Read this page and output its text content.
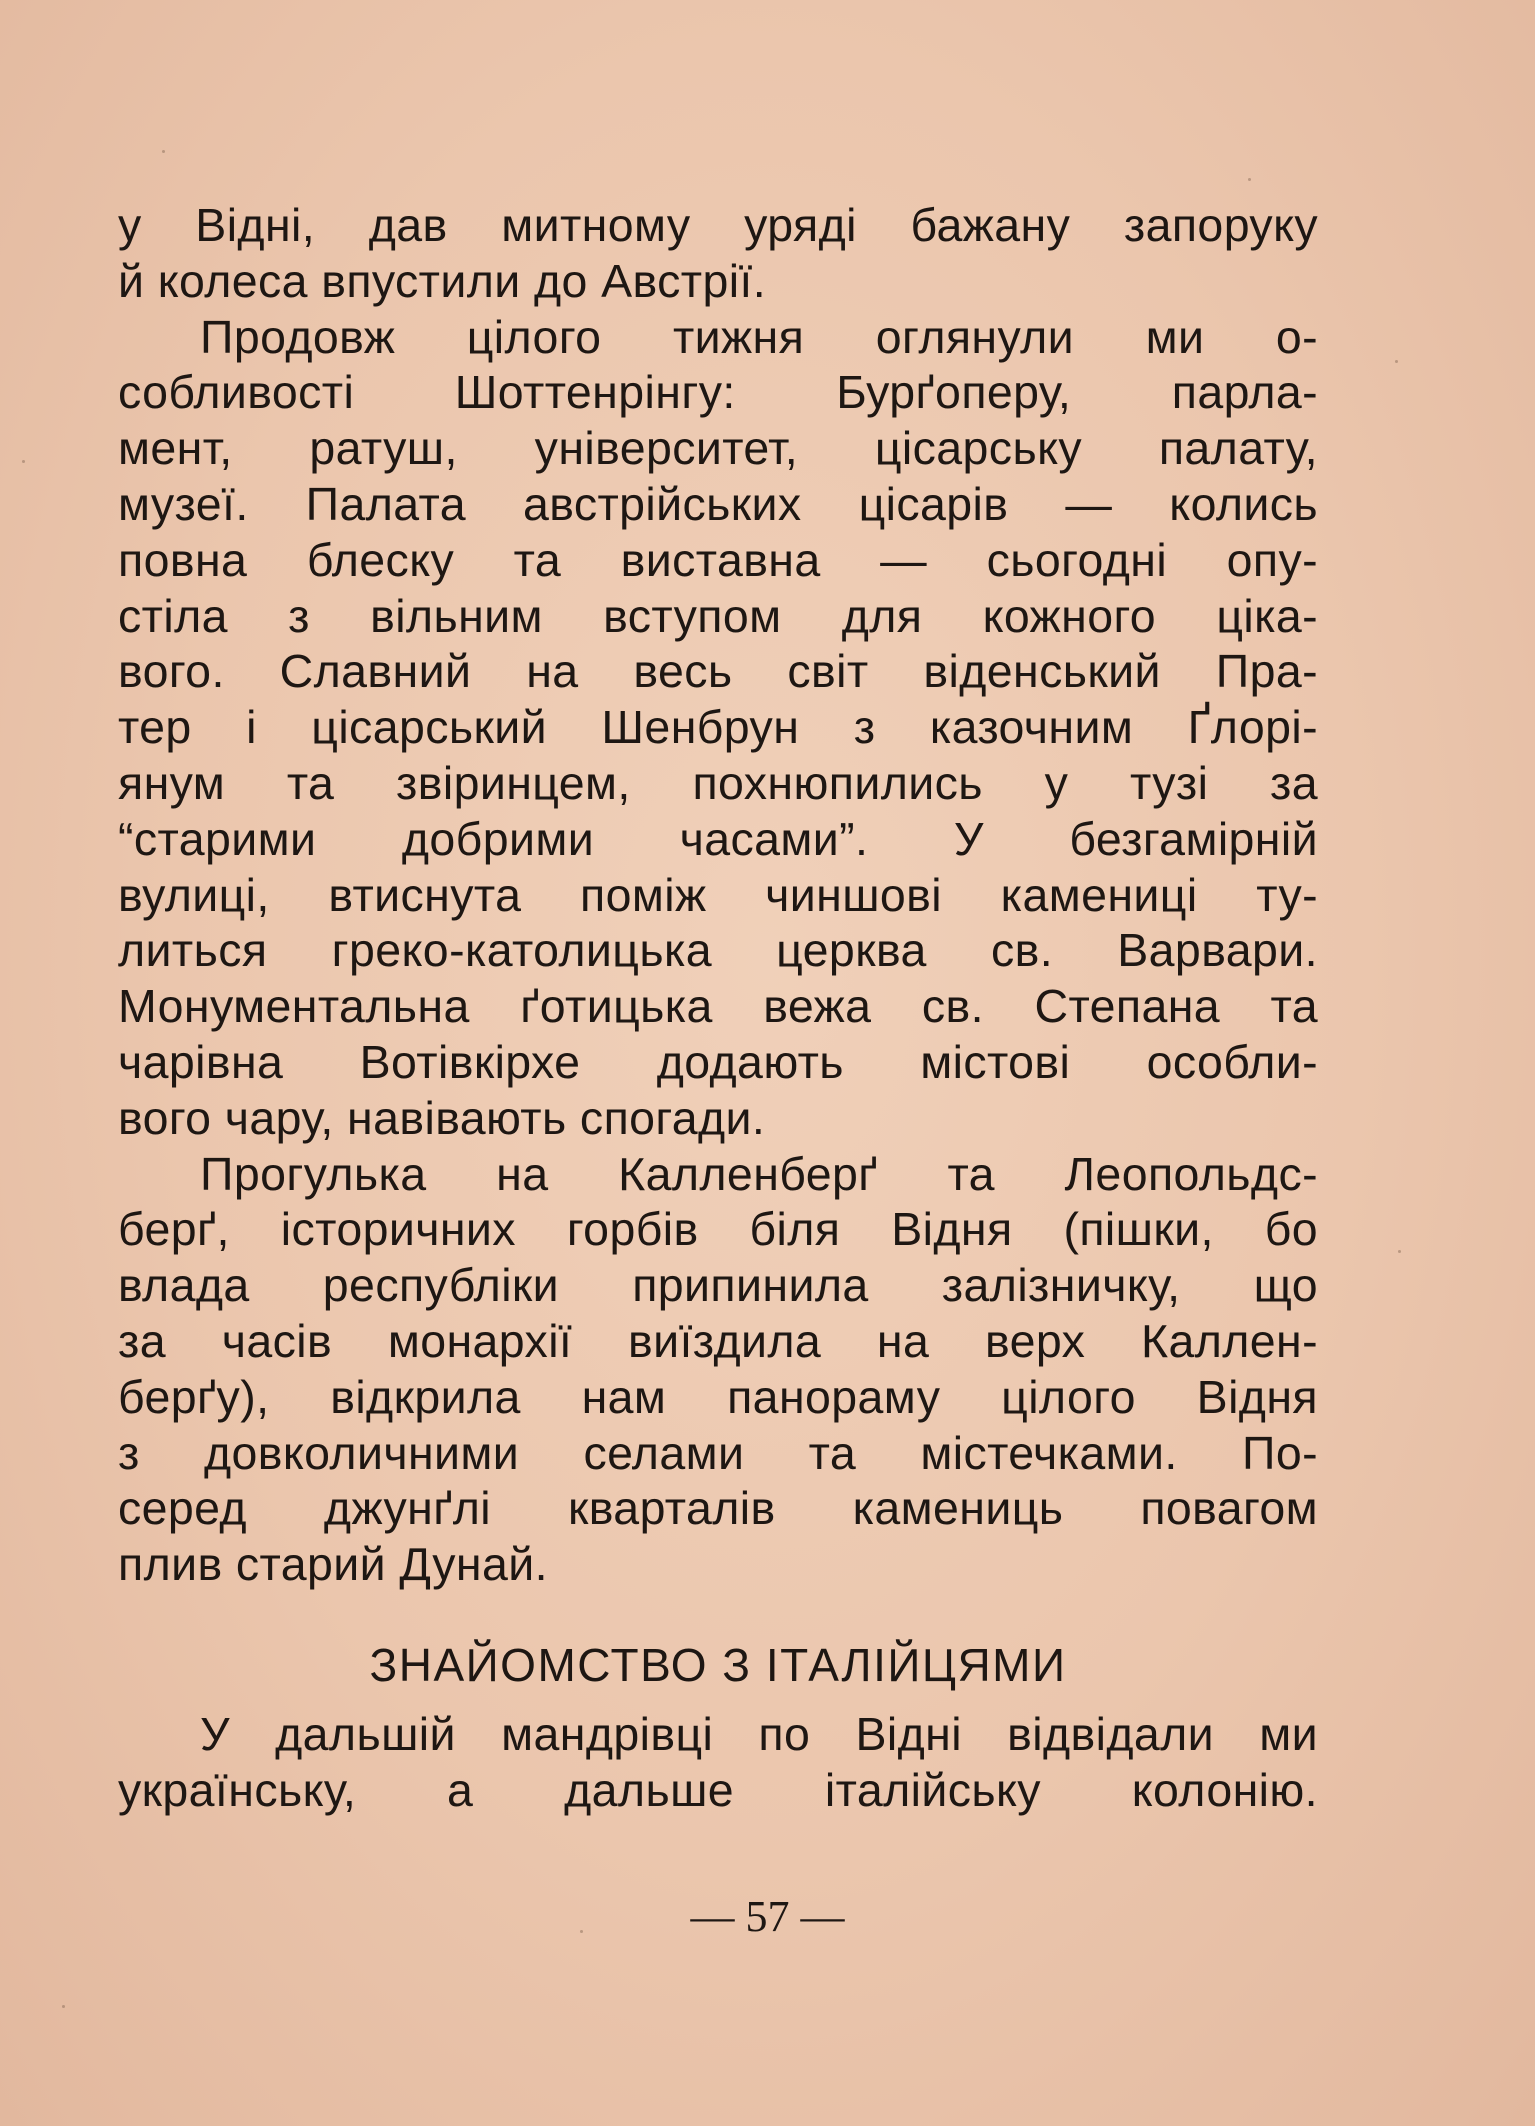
у Відні, дав митному уряді бажану запоруку
й колеса впустили до Австрії.
Продовж цілого тижня оглянули ми о-
собливості Шоттенрінгу: Бурґоперу, парла-
мент, ратуш, університет, цісарську палату,
музеї. Палата австрійських цісарів — колись
повна блеску та виставна — сьогодні опу-
стіла з вільним вступом для кожного ціка-
вого. Славний на весь світ віденський Пра-
тер і цісарський Шенбрун з казочним Ґлорі-
янум та звіринцем, похнюпились у тузі за
“старими добрими часами”. У безгамірній
вулиці, втиснута поміж чиншові камениці ту-
литься греко-католицька церква св. Варвари.
Монументальна ґотицька вежа св. Степана та
чарівна Вотівкірхе додають містові особли-
вого чару, навівають спогади.
Прогулька на Калленберґ та Леопольдс-
берґ, історичних горбів біля Відня (пішки, бо
влада республіки припинила залізничку, що
за часів монархії виїздила на верх Каллен-
берґу), відкрила нам панораму цілого Відня
з довколичними селами та містечками. По-
серед джунґлі кварталів камениць повагом
плив старий Дунай.
ЗНАЙОМСТВО З ІТАЛІЙЦЯМИ
У дальшій мандрівці по Відні відвідали ми
українську, а дальше італійську колонію.
— 57 —
